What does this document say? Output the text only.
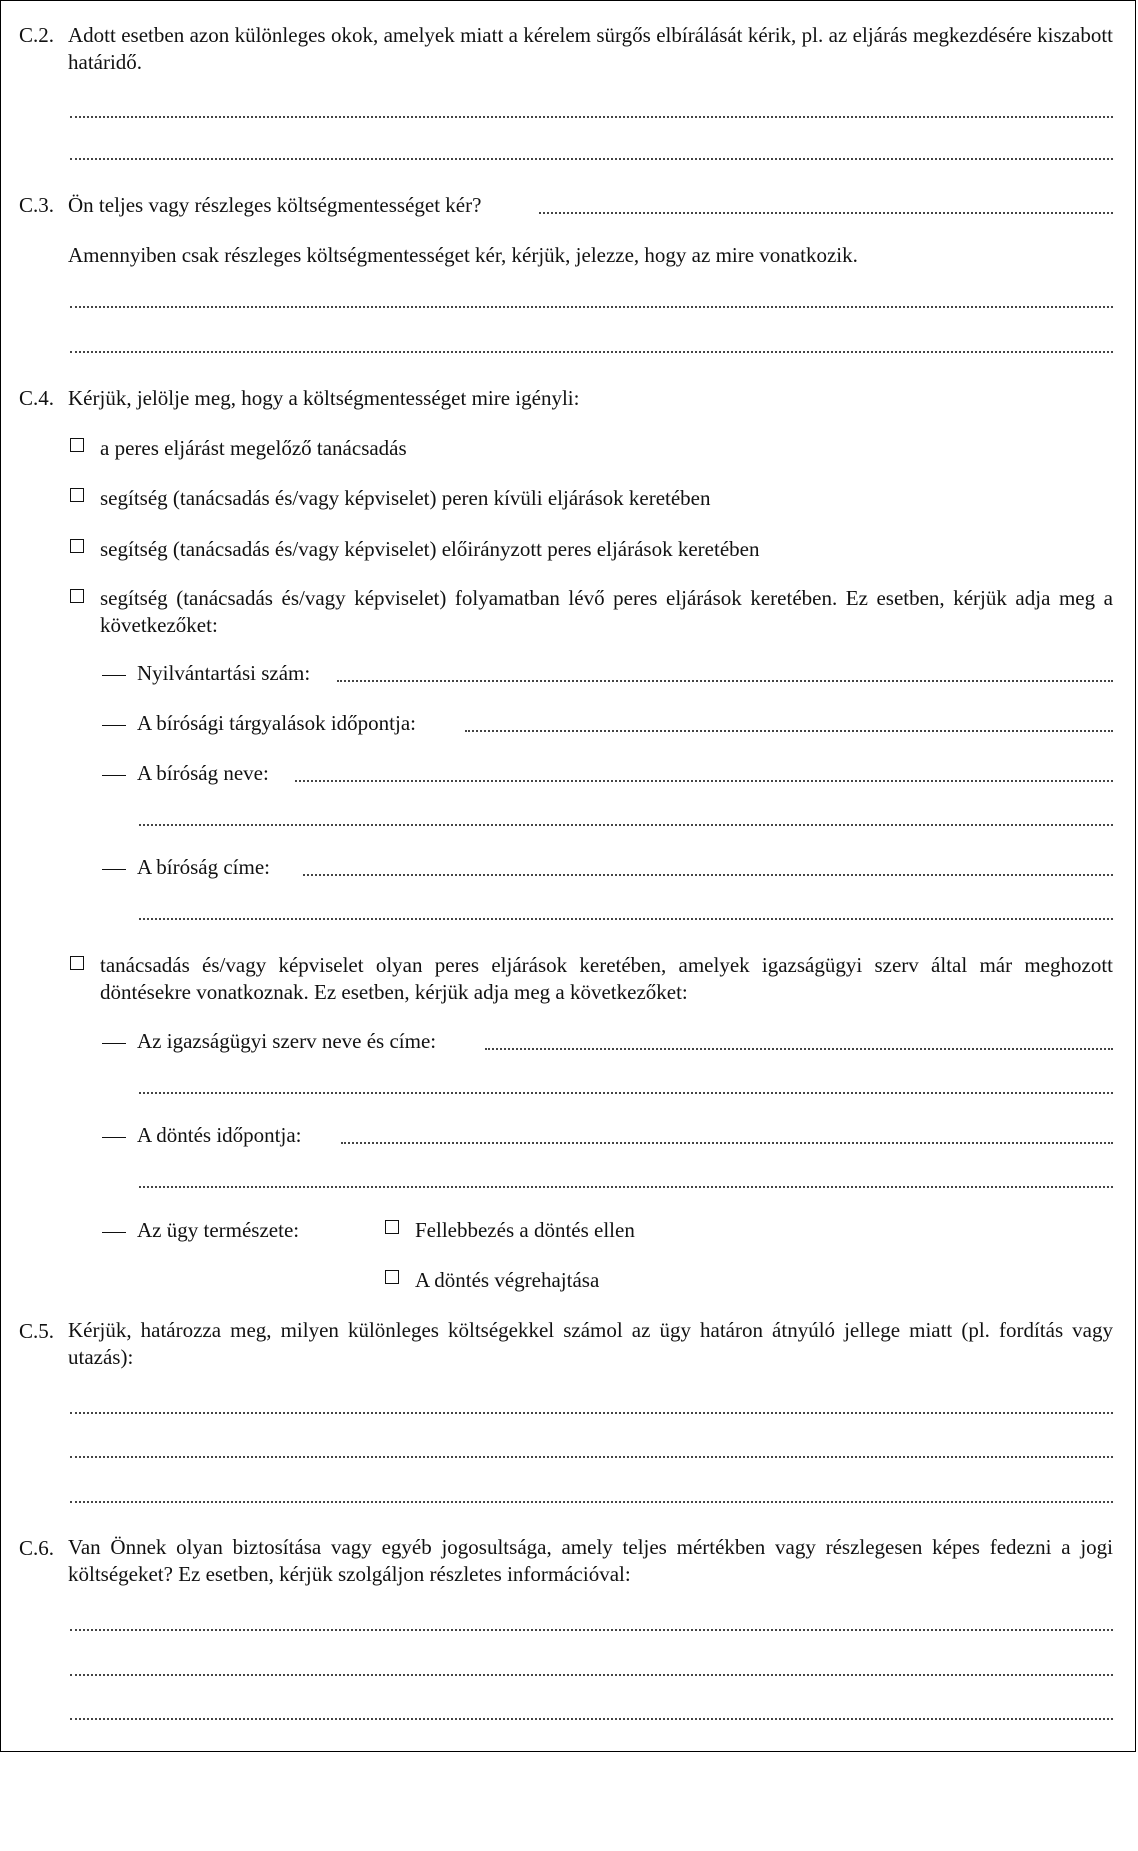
C.2. Adott esetben azon különleges okok, amelyek miatt a kérelem sürgős elbírálását kérik, pl. az eljárás megkezdésére kiszabott határidő.
C.3. Ön teljes vagy részleges költségmentességet kér?
Amennyiben csak részleges költségmentességet kér, kérjük, jelezze, hogy az mire vonatkozik.
C.4. Kérjük, jelölje meg, hogy a költségmentességet mire igényli:
a peres eljárást megelőző tanácsadás
segítség (tanácsadás és/vagy képviselet) peren kívüli eljárások keretében
segítség (tanácsadás és/vagy képviselet) előirányzott peres eljárások keretében
segítség (tanácsadás és/vagy képviselet) folyamatban lévő peres eljárások keretében. Ez esetben, kérjük adja meg a következőket:
Nyilvántartási szám:
A bírósági tárgyalások időpontja:
A bíróság neve:
A bíróság címe:
tanácsadás és/vagy képviselet olyan peres eljárások keretében, amelyek igazságügyi szerv által már meghozott döntésekre vonatkoznak. Ez esetben, kérjük adja meg a következőket:
Az igazságügyi szerv neve és címe:
A döntés időpontja:
Az ügy természete:	Fellebbezés a döntés ellen
A döntés végrehajtása
C.5. Kérjük, határozza meg, milyen különleges költségekkel számol az ügy határon átnyúló jellege miatt (pl. fordítás vagy utazás):
C.6. Van Önnek olyan biztosítása vagy egyéb jogosultsága, amely teljes mértékben vagy részlegesen képes fedezni a jogi költségeket? Ez esetben, kérjük szolgáljon részletes információval:
